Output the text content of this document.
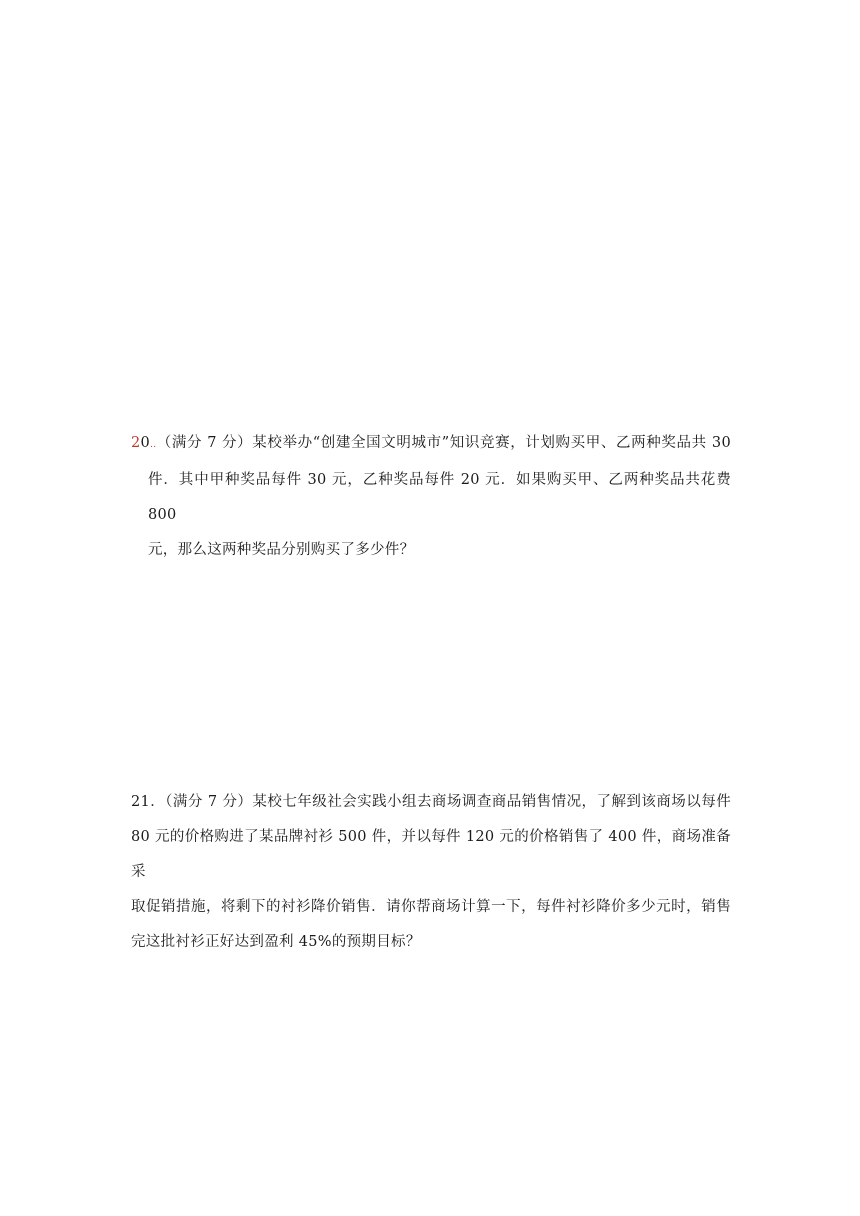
20..（满分 7 分）某校举办“创建全国文明城市”知识竞赛，计划购买甲、乙两种奖品共 30
件．其中甲种奖品每件 30 元，乙种奖品每件 20 元．如果购买甲、乙两种奖品共花费 800
元，那么这两种奖品分别购买了多少件？
21．（满分 7 分）某校七年级社会实践小组去商场调查商品销售情况，了解到该商场以每件
80 元的价格购进了某品牌衬衫 500 件，并以每件 120 元的价格销售了 400 件，商场准备采
取促销措施，将剩下的衬衫降价销售．请你帮商场计算一下，每件衬衫降价多少元时，销售
完这批衬衫正好达到盈利 45%的预期目标？
